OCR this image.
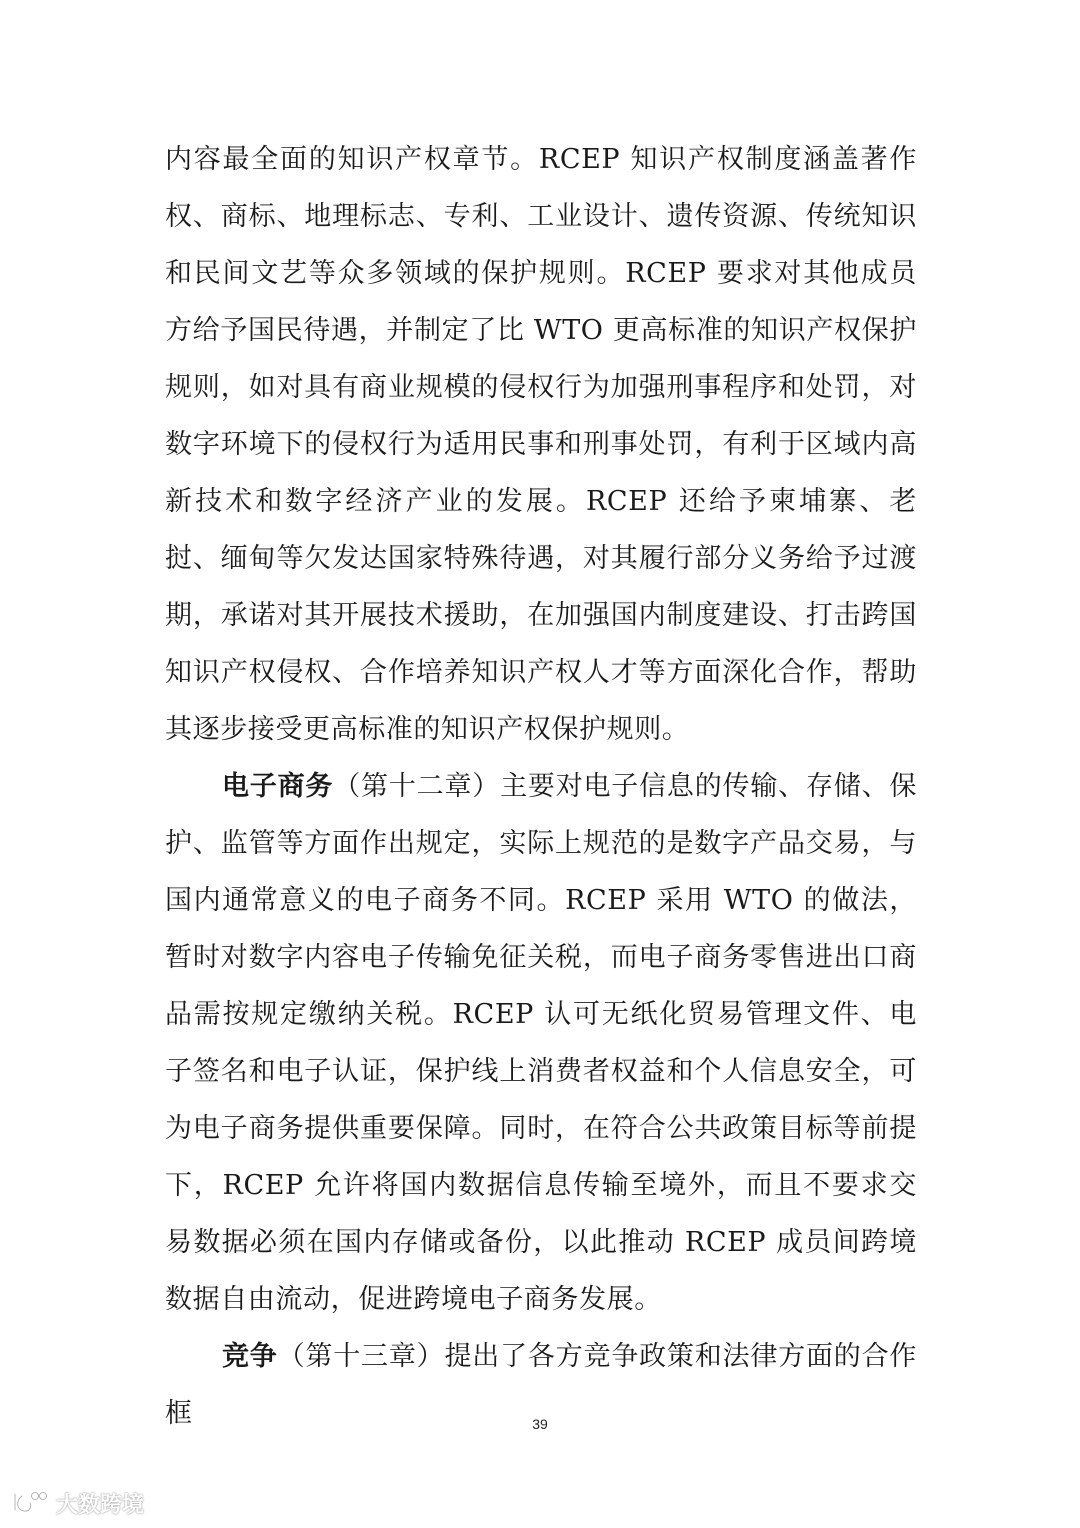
内容最全面的知识产权章节。RCEP 知识产权制度涵盖著作权、商标、地理标志、专利、工业设计、遗传资源、传统知识和民间文艺等众多领域的保护规则。RCEP 要求对其他成员方给予国民待遇，并制定了比 WTO 更高标准的知识产权保护规则，如对具有商业规模的侵权行为加强刑事程序和处罚，对数字环境下的侵权行为适用民事和刑事处罚，有利于区域内高新技术和数字经济产业的发展。RCEP 还给予柬埔寨、老挝、缅甸等欠发达国家特殊待遇，对其履行部分义务给予过渡期，承诺对其开展技术援助，在加强国内制度建设、打击跨国知识产权侵权、合作培养知识产权人才等方面深化合作，帮助其逐步接受更高标准的知识产权保护规则。

电子商务（第十二章）主要对电子信息的传输、存储、保护、监管等方面作出规定，实际上规范的是数字产品交易，与国内通常意义的电子商务不同。RCEP 采用 WTO 的做法，暂时对数字内容电子传输免征关税，而电子商务零售进出口商品需按规定缴纳关税。RCEP 认可无纸化贸易管理文件、电子签名和电子认证，保护线上消费者权益和个人信息安全，可为电子商务提供重要保障。同时，在符合公共政策目标等前提下，RCEP 允许将国内数据信息传输至境外，而且不要求交易数据必须在国内存储或备份，以此推动 RCEP 成员间跨境数据自由流动，促进跨境电子商务发展。

竞争（第十三章）提出了各方竞争政策和法律方面的合作框	39
大数跨境
